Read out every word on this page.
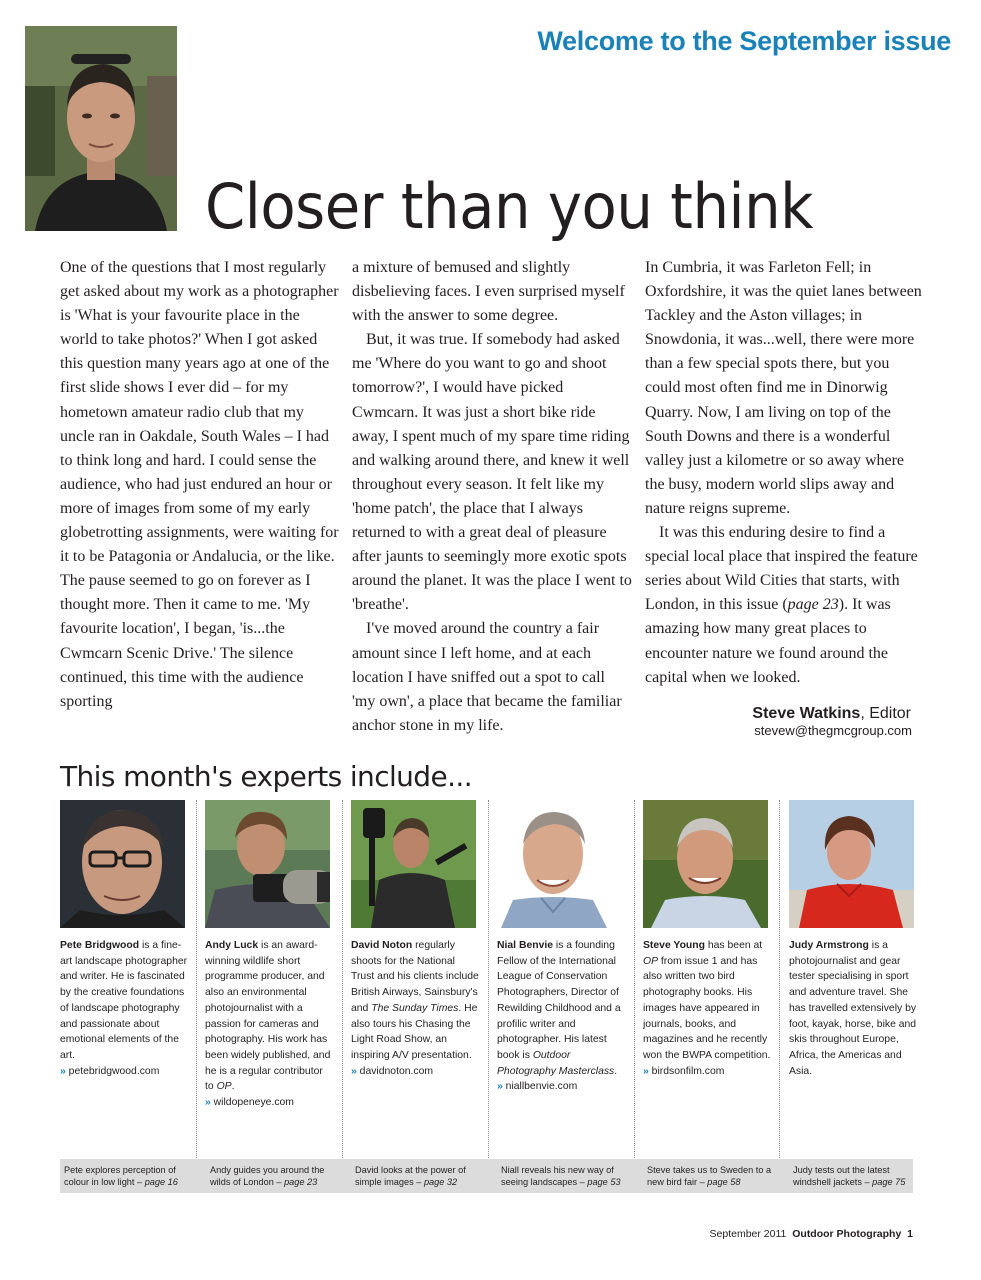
Welcome to the September issue
Closer than you think

One of the questions that I most regularly get asked about my work as a photographer is 'What is your favourite place in the world to take photos?' When I got asked this question many years ago at one of the first slide shows I ever did – for my hometown amateur radio club that my uncle ran in Oakdale, South Wales – I had to think long and hard. I could sense the audience, who had just endured an hour or more of images from some of my early globetrotting assignments, were waiting for it to be Patagonia or Andalucia, or the like. The pause seemed to go on forever as I thought more. Then it came to me. 'My favourite location', I began, 'is...the Cwmcarn Scenic Drive.' The silence continued, this time with the audience sporting

a mixture of bemused and slightly disbelieving faces. I even surprised myself with the answer to some degree.

But, it was true. If somebody had asked me 'Where do you want to go and shoot tomorrow?', I would have picked Cwmcarn. It was just a short bike ride away, I spent much of my spare time riding and walking around there, and knew it well throughout every season. It felt like my 'home patch', the place that I always returned to with a great deal of pleasure after jaunts to seemingly more exotic spots around the planet. It was the place I went to 'breathe'.

I've moved around the country a fair amount since I left home, and at each location I have sniffed out a spot to call 'my own', a place that became the familiar anchor stone in my life.

In Cumbria, it was Farleton Fell; in Oxfordshire, it was the quiet lanes between Tackley and the Aston villages; in Snowdonia, it was...well, there were more than a few special spots there, but you could most often find me in Dinorwig Quarry. Now, I am living on top of the South Downs and there is a wonderful valley just a kilometre or so away where the busy, modern world slips away and nature reigns supreme.

It was this enduring desire to find a special local place that inspired the feature series about Wild Cities that starts, with London, in this issue (page 23). It was amazing how many great places to encounter nature we found around the capital when we looked.

Steve Watkins, Editor
stevew@thegmcgroup.com
This month's experts include...
Pete Bridgwood is a fine-art landscape photographer and writer. He is fascinated by the creative foundations of landscape photography and passionate about emotional elements of the art.
» petebridgwood.com
Andy Luck is an award-winning wildlife short programme producer, and also an environmental photojournalist with a passion for cameras and photography. His work has been widely published, and he is a regular contributor to OP.
» wildopeneye.com
David Noton regularly shoots for the National Trust and his clients include British Airways, Sainsbury's and The Sunday Times. He also tours his Chasing the Light Road Show, an inspiring A/V presentation.
» davidnoton.com
Nial Benvie is a founding Fellow of the International League of Conservation Photographers, Director of Rewilding Childhood and a profilic writer and photographer. His latest book is Outdoor Photography Masterclass.
» niallbenvie.com
Steve Young has been at OP from issue 1 and has also written two bird photography books. His images have appeared in journals, books, and magazines and he recently won the BWPA competition.
» birdsonfilm.com
Judy Armstrong is a photojournalist and gear tester specialising in sport and adventure travel. She has travelled extensively by foot, kayak, horse, bike and skis throughout Europe, Africa, the Americas and Asia.
Pete explores perception of colour in low light – page 16
Andy guides you around the wilds of London – page 23
David looks at the power of simple images – page 32
Niall reveals his new way of seeing landscapes – page 53
Steve takes us to Sweden to a new bird fair – page 58
Judy tests out the latest windshell jackets – page 75
September 2011 Outdoor Photography 1
